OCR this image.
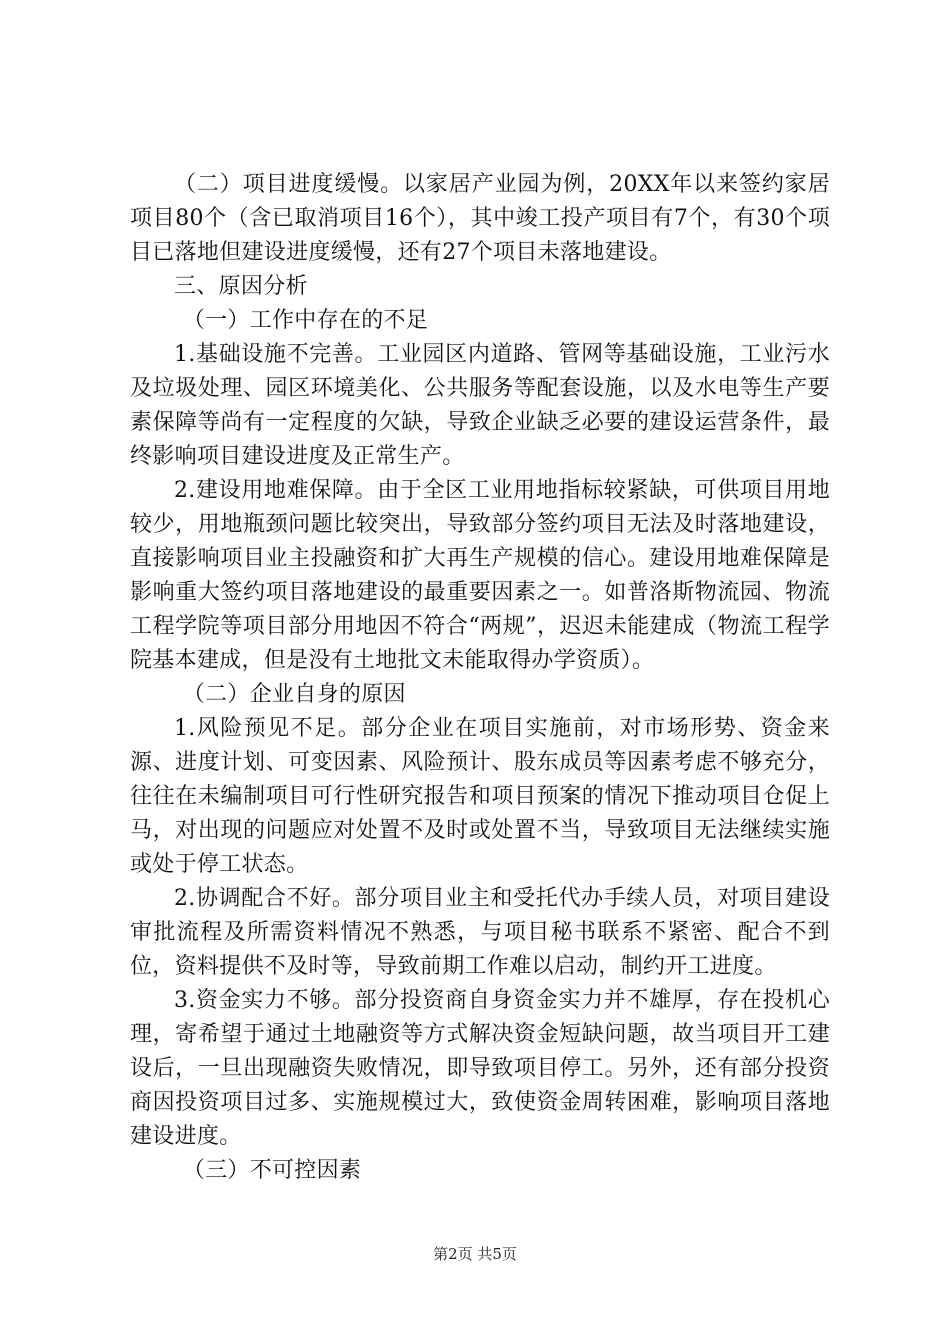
（二）项目进度缓慢。以家居产业园为例，20XX年以来签约家居项目80个（含已取消项目16个），其中竣工投产项目有7个，有30个项目已落地但建设进度缓慢，还有27个项目未落地建设。

三、原因分析

（一）工作中存在的不足

1.基础设施不完善。工业园区内道路、管网等基础设施，工业污水及垃圾处理、园区环境美化、公共服务等配套设施，以及水电等生产要素保障等尚有一定程度的欠缺，导致企业缺乏必要的建设运营条件，最终影响项目建设进度及正常生产。

2.建设用地难保障。由于全区工业用地指标较紧缺，可供项目用地较少，用地瓶颈问题比较突出，导致部分签约项目无法及时落地建设，直接影响项目业主投融资和扩大再生产规模的信心。建设用地难保障是影响重大签约项目落地建设的最重要因素之一。如普洛斯物流园、物流工程学院等项目部分用地因不符合“两规”，迟迟未能建成（物流工程学院基本建成，但是没有土地批文未能取得办学资质）。

（二）企业自身的原因

1.风险预见不足。部分企业在项目实施前，对市场形势、资金来源、进度计划、可变因素、风险预计、股东成员等因素考虑不够充分，往往在未编制项目可行性研究报告和项目预案的情况下推动项目仓促上马，对出现的问题应对处置不及时或处置不当，导致项目无法继续实施或处于停工状态。

2.协调配合不好。部分项目业主和受托代办手续人员，对项目建设审批流程及所需资料情况不熟悉，与项目秘书联系不紧密、配合不到位，资料提供不及时等，导致前期工作难以启动，制约开工进度。

3.资金实力不够。部分投资商自身资金实力并不雄厚，存在投机心理，寄希望于通过土地融资等方式解决资金短缺问题，故当项目开工建设后，一旦出现融资失败情况，即导致项目停工。另外，还有部分投资商因投资项目过多、实施规模过大，致使资金周转困难，影响项目落地建设进度。

（三）不可控因素

第2页 共5页
